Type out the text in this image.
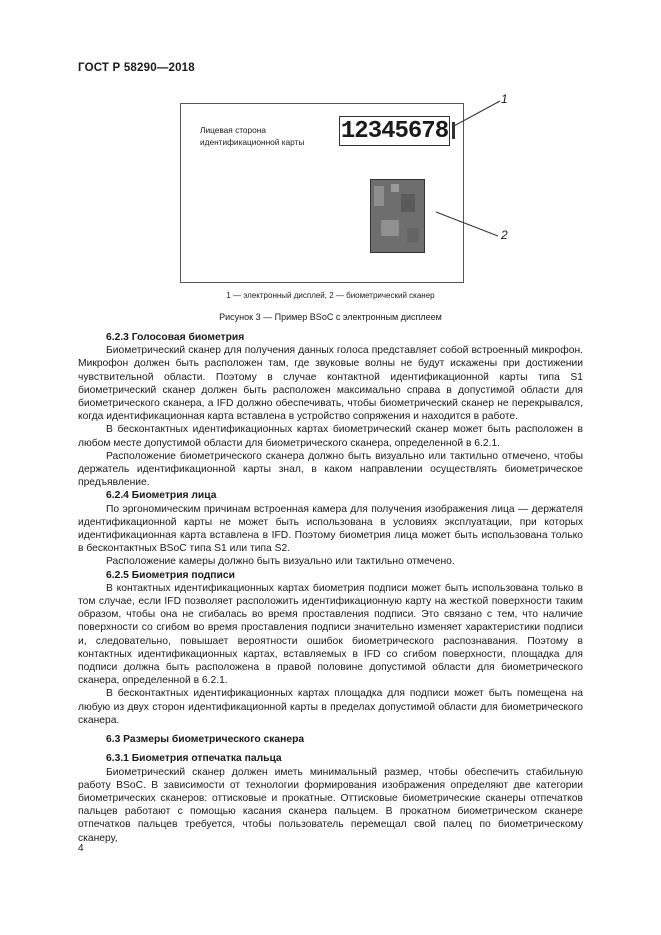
ГОСТ Р 58290—2018
Лицевая сторона идентификационной карты	12345678
1
2
1 — электронный дисплей, 2 — биометрический сканер
Рисунок 3 — Пример BSoC с электронным дисплеем
6.2.3 Голосовая биометрия

Биометрический сканер для получения данных голоса представляет собой встроенный микрофон. Микрофон должен быть расположен там, где звуковые волны не будут искажены при достижении чувствительной области. Поэтому в случае контактной идентификационной карты типа S1 биометрический сканер должен быть расположен максимально справа в допустимой области для биометрического сканера, а IFD должно обеспечивать, чтобы биометрический сканер не перекрывался, когда идентификационная карта вставлена в устройство сопряжения и находится в работе.

В бесконтактных идентификационных картах биометрический сканер может быть расположен в любом месте допустимой области для биометрического сканера, определенной в 6.2.1.

Расположение биометрического сканера должно быть визуально или тактильно отмечено, чтобы держатель идентификационной карты знал, в каком направлении осуществлять биометрическое предъявление.

6.2.4 Биометрия лица

По эргономическим причинам встроенная камера для получения изображения лица — держателя идентификационной карты не может быть использована в условиях эксплуатации, при которых идентификационная карта вставлена в IFD. Поэтому биометрия лица может быть использована только в бесконтактных BSoC типа S1 или типа S2.

Расположение камеры должно быть визуально или тактильно отмечено.

6.2.5 Биометрия подписи

В контактных идентификационных картах биометрия подписи может быть использована только в том случае, если IFD позволяет расположить идентификационную карту на жесткой поверхности таким образом, чтобы она не сгибалась во время проставления подписи. Это связано с тем, что наличие поверхности со сгибом во время проставления подписи значительно изменяет характеристики подписи и, следовательно, повышает вероятности ошибок биометрического распознавания. Поэтому в контактных идентификационных картах, вставляемых в IFD со сгибом поверхности, площадка для подписи должна быть расположена в правой половине допустимой области для биометрического сканера, определенной в 6.2.1.

В бесконтактных идентификационных картах площадка для подписи может быть помещена на любую из двух сторон идентификационной карты в пределах допустимой области для биометрического сканера.

6.3 Размеры биометрического сканера
6.3.1 Биометрия отпечатка пальца

Биометрический сканер должен иметь минимальный размер, чтобы обеспечить стабильную работу BSoC. В зависимости от технологии формирования изображения определяют две категории биометрических сканеров: оттисковые и прокатные. Оттисковые биометрические сканеры отпечатков пальцев работают с помощью касания сканера пальцем. В прокатном биометрическом сканере отпечатков пальцев требуется, чтобы пользователь перемещал свой палец по биометрическому сканеру,

4
